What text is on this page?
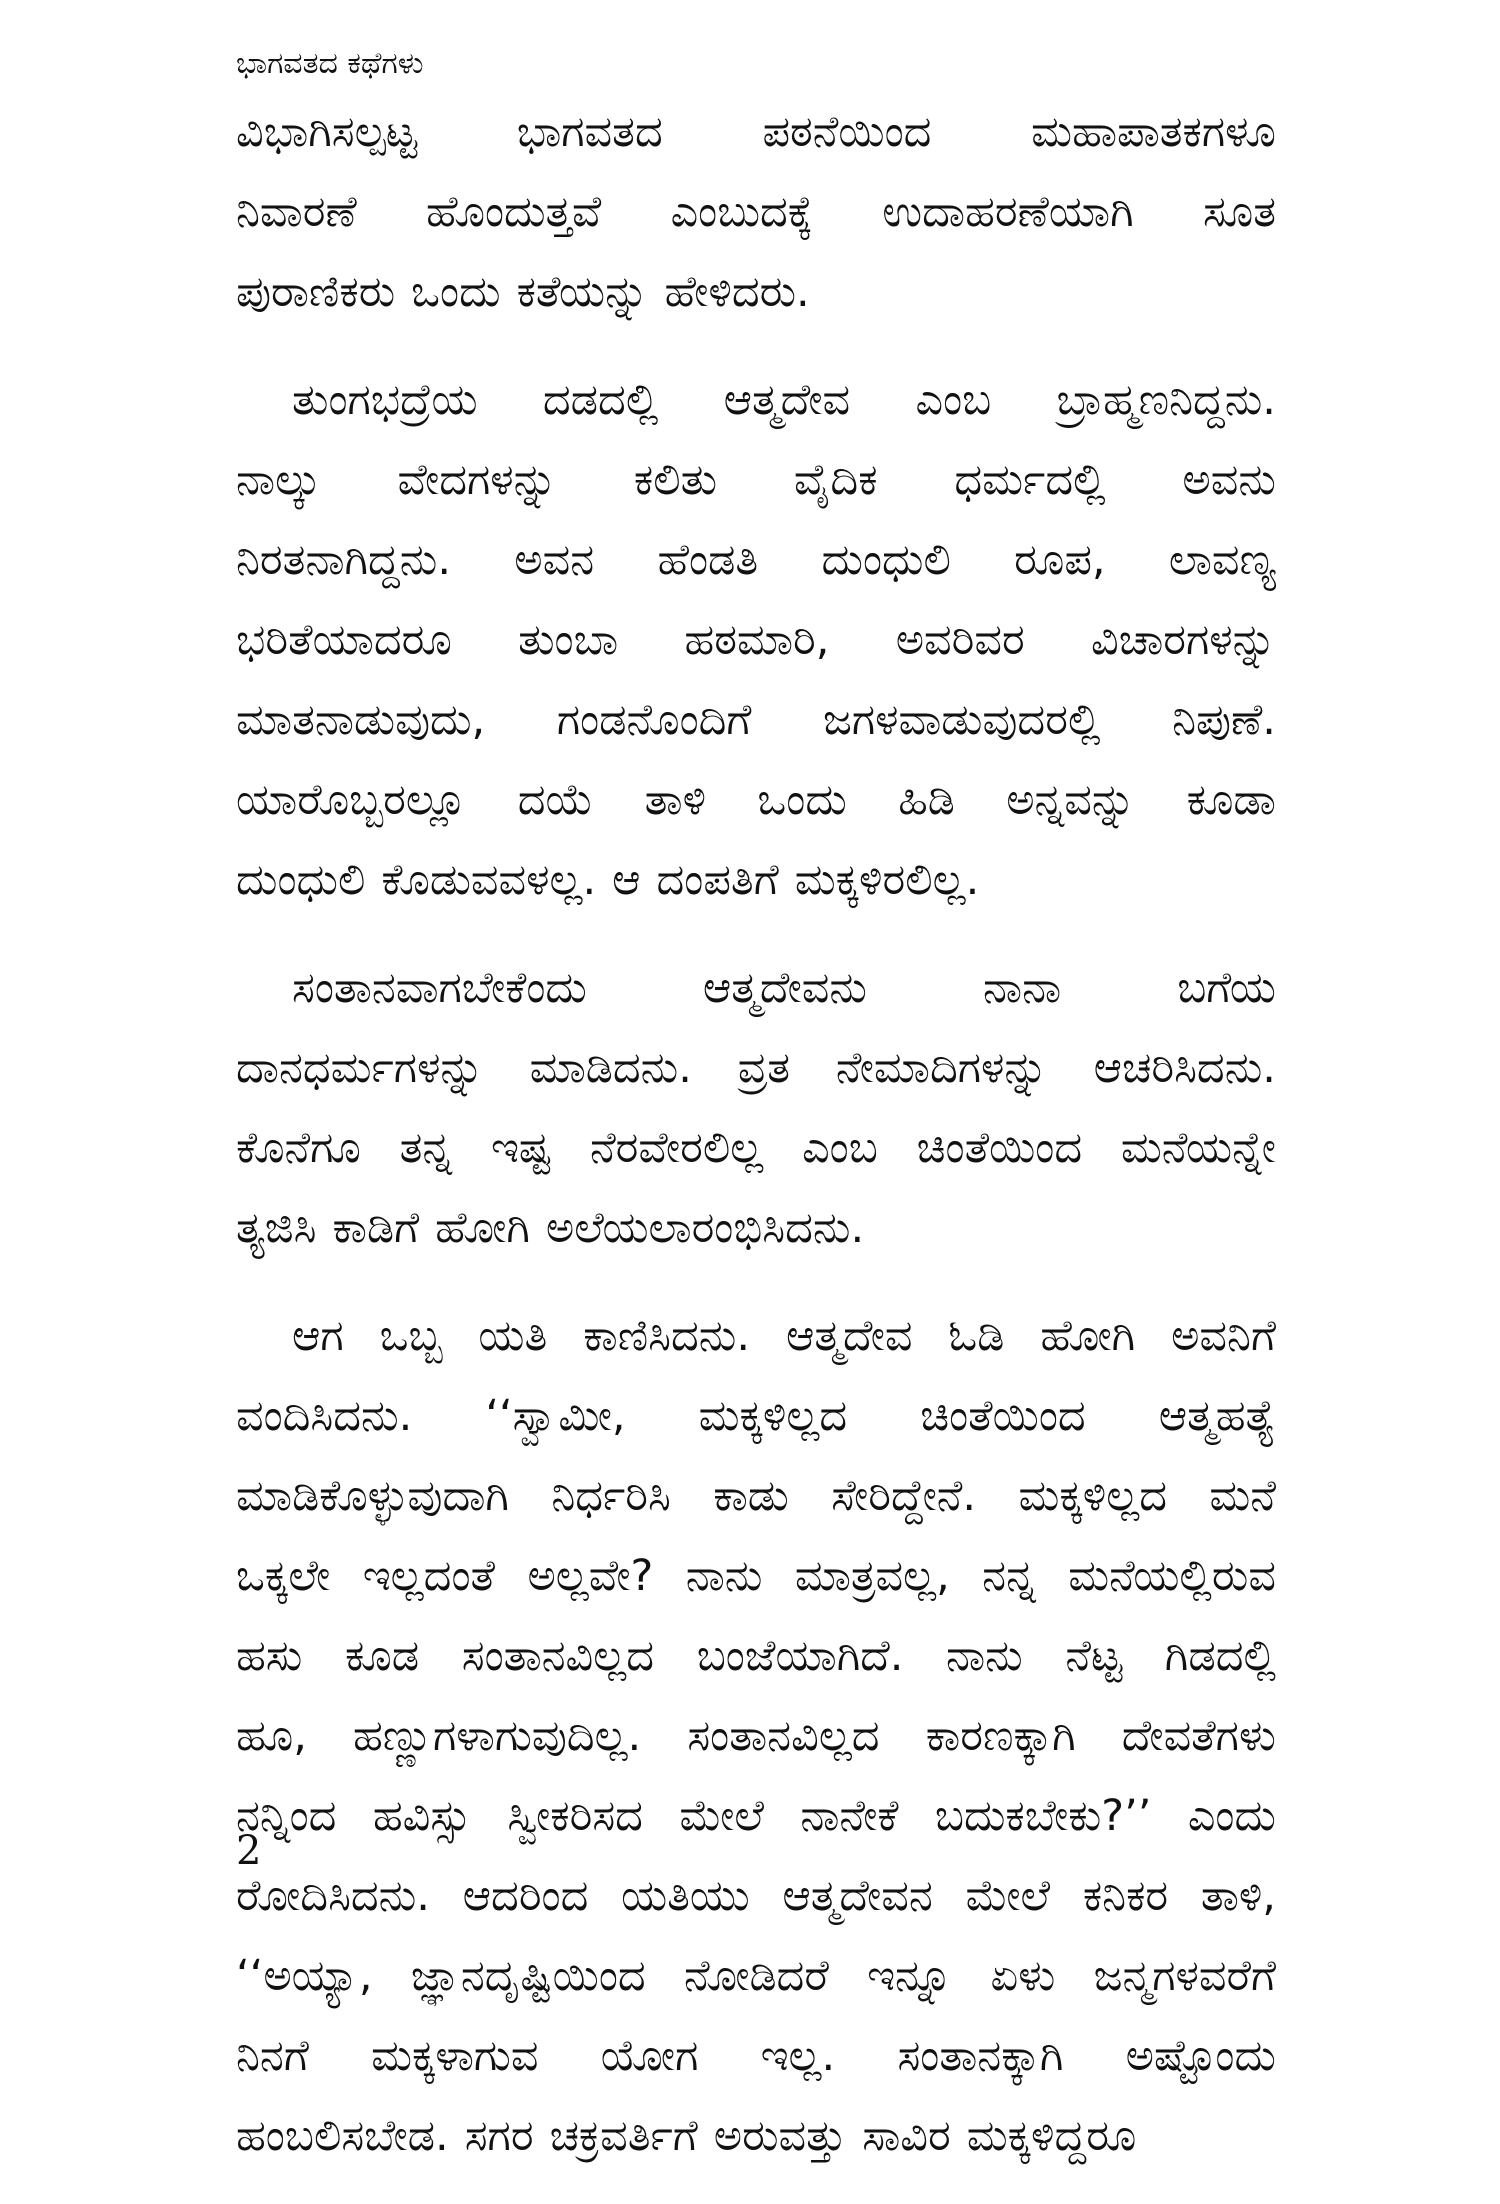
ಭಾಗವತದ ಕಥೆಗಳು
ವಿಭಾಗಿಸಲ್ಪಟ್ಟ ಭಾಗವತದ ಪಠನೆಯಿಂದ ಮಹಾಪಾತಕಗಳೂ
ನಿವಾರಣೆ ಹೊಂದುತ್ತವೆ ಎಂಬುದಕ್ಕೆ ಉದಾಹರಣೆಯಾಗಿ ಸೂತ
ಪುರಾಣಿಕರು ಒಂದು ಕತೆಯನ್ನು ಹೇಳಿದರು.
ತುಂಗಭದ್ರೆಯ ದಡದಲ್ಲಿ ಆತ್ಮದೇವ ಎಂಬ ಬ್ರಾಹ್ಮಣನಿದ್ದನು.
ನಾಲ್ಕು ವೇದಗಳನ್ನು ಕಲಿತು ವೈದಿಕ ಧರ್ಮದಲ್ಲಿ ಅವನು
ನಿರತನಾಗಿದ್ದನು. ಅವನ ಹೆಂಡತಿ ದುಂಧುಲಿ ರೂಪ, ಲಾವಣ್ಯ
ಭರಿತೆಯಾದರೂ ತುಂಬಾ ಹಠಮಾರಿ, ಅವರಿವರ ವಿಚಾರಗಳನ್ನು
ಮಾತನಾಡುವುದು, ಗಂಡನೊಂದಿಗೆ ಜಗಳವಾಡುವುದರಲ್ಲಿ ನಿಪುಣೆ.
ಯಾರೊಬ್ಬರಲ್ಲೂ ದಯೆ ತಾಳಿ ಒಂದು ಹಿಡಿ ಅನ್ನವನ್ನು ಕೂಡಾ
ದುಂಧುಲಿ ಕೊಡುವವಳಲ್ಲ. ಆ ದಂಪತಿಗೆ ಮಕ್ಕಳಿರಲಿಲ್ಲ.
ಸಂತಾನವಾಗಬೇಕೆಂದು	ಆತ್ಮದೇವನು	ನಾನಾ	ಬಗೆಯ
ದಾನಧರ್ಮಗಳನ್ನು ಮಾಡಿದನು. ವ್ರತ ನೇಮಾದಿಗಳನ್ನು ಆಚರಿಸಿದನು.
ಕೊನೆಗೂ ತನ್ನ ಇಷ್ಟ ನೆರವೇರಲಿಲ್ಲ ಎಂಬ ಚಿಂತೆಯಿಂದ ಮನೆಯನ್ನೇ
ತ್ಯಜಿಸಿ ಕಾಡಿಗೆ ಹೋಗಿ ಅಲೆಯಲಾರಂಭಿಸಿದನು.
ಆಗ ಒಬ್ಬ ಯತಿ ಕಾಣಿಸಿದನು. ಆತ್ಮದೇವ ಓಡಿ ಹೋಗಿ ಅವನಿಗೆ
ವಂದಿಸಿದನು. ‘‘ಸ್ವಾಮೀ, ಮಕ್ಕಳಿಲ್ಲದ ಚಿಂತೆಯಿಂದ ಆತ್ಮಹತ್ಯೆ
ಮಾಡಿಕೊಳ್ಳುವುದಾಗಿ ನಿರ್ಧರಿಸಿ ಕಾಡು ಸೇರಿದ್ದೇನೆ. ಮಕ್ಕಳಿಲ್ಲದ ಮನೆ
ಒಕ್ಕಲೇ ಇಲ್ಲದಂತೆ ಅಲ್ಲವೇ? ನಾನು ಮಾತ್ರವಲ್ಲ, ನನ್ನ ಮನೆಯಲ್ಲಿರುವ
ಹಸು ಕೂಡ ಸಂತಾನವಿಲ್ಲದ ಬಂಜೆಯಾಗಿದೆ. ನಾನು ನೆಟ್ಟ ಗಿಡದಲ್ಲಿ
ಹೂ, ಹಣ್ಣುಗಳಾಗುವುದಿಲ್ಲ. ಸಂತಾನವಿಲ್ಲದ ಕಾರಣಕ್ಕಾಗಿ ದೇವತೆಗಳು
ನನ್ನಿಂದ ಹವಿಸ್ಸು ಸ್ವೀಕರಿಸದ ಮೇಲೆ ನಾನೇಕೆ ಬದುಕಬೇಕು?’’ ಎಂದು
ರೋದಿಸಿದನು. ಆದರಿಂದ ಯತಿಯು ಆತ್ಮದೇವನ ಮೇಲೆ ಕನಿಕರ ತಾಳಿ,
‘‘ಅಯ್ಯಾ, ಜ್ಞಾನದೃಷ್ಟಿಯಿಂದ ನೋಡಿದರೆ ಇನ್ನೂ ಏಳು ಜನ್ಮಗಳವರೆಗೆ
ನಿನಗೆ ಮಕ್ಕಳಾಗುವ ಯೋಗ ಇಲ್ಲ. ಸಂತಾನಕ್ಕಾಗಿ ಅಷ್ಟೊಂದು
ಹಂಬಲಿಸಬೇಡ. ಸಗರ ಚಕ್ರವರ್ತಿಗೆ ಅರುವತ್ತು ಸಾವಿರ ಮಕ್ಕಳಿದ್ದರೂ
2
